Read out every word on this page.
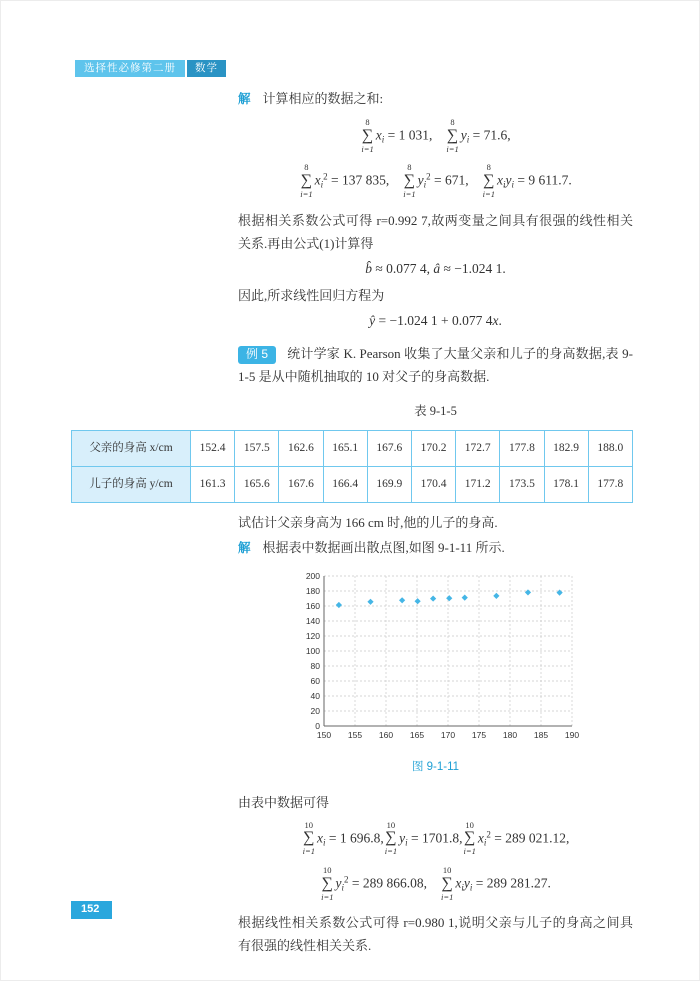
选择性必修第二册 数学

解 计算相应的数据之和:

8
∑
i=1
$x_i = 1$ 031,
8
∑
i=1
$y_i = 71.6$,
8
∑
i=1
$x_i^2 = 137$ 835,
8
∑
i=1
$y_i^2 = 671$,
8
∑
i=1
$x_iy_i = 9$ 611.7.

根据相关系数公式可得 r=0.992 7,故两变量之间具有很强的线性相关关系.再由公式(1)计算得

b̂ ≈ 0.077 4, â ≈ −1.024 1.

因此,所求线性回归方程为

ŷ = −1.024 1 + 0.077 4x.

例 5 统计学家 K. Pearson 收集了大量父亲和儿子的身高数据,表 9-1-5 是从中随机抽取的 10 对父子的身高数据.

表 9-1-5
父亲的身高 x/cm	152.4	157.5	162.6	165.1	167.6	170.2	172.7	177.8	182.9	188.0
儿子的身高 y/cm	161.3	165.6	167.6	166.4	169.9	170.4	171.2	173.5	178.1	177.8

试估计父亲身高为 166 cm 时,他的儿子的身高.

解 根据表中数据画出散点图,如图 9-1-11 所示.

150 155 160 165 170 175 180 185 190
0
20
40
60
80
100
120
140
160
180
200
图 9-1-11

由表中数据可得

10
∑
i=1
$x_i = 1$ 696.8,
10
∑
i=1
$y_i = 1701.8$,
10
∑
i=1
$x_i^2 = 289$ 021.12,
10
∑
i=1
$y_i^2 = 289$ 866.08,
10
∑
i=1
$x_iy_i = 289$ 281.27.

根据线性相关系数公式可得 r=0.980 1,说明父亲与儿子的身高之间具有很强的线性相关关系.

152
